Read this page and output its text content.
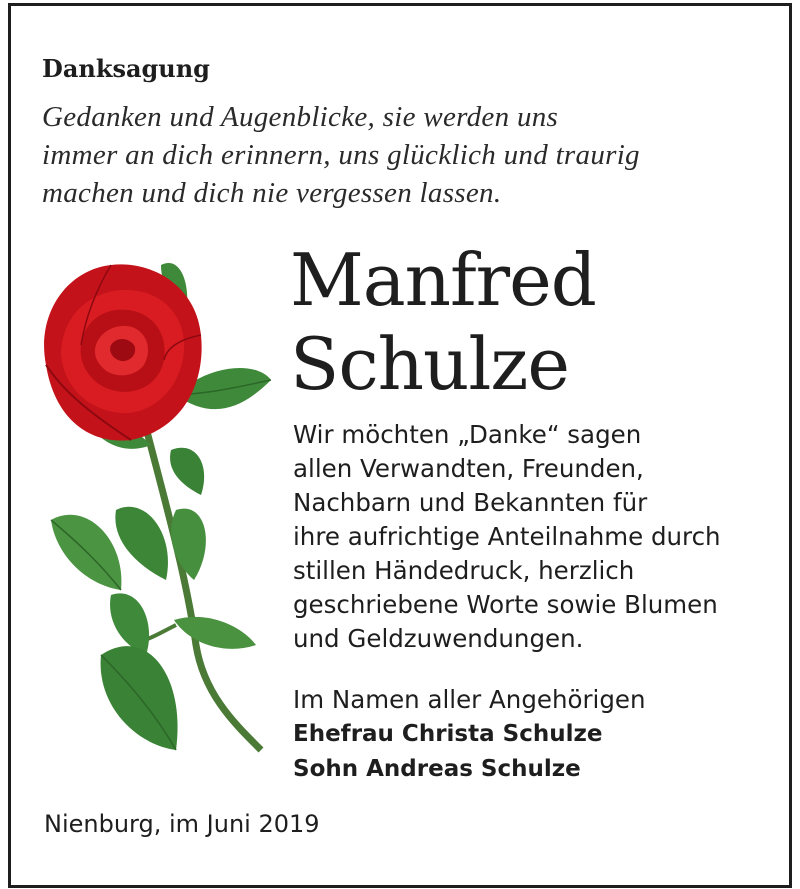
Danksagung
Gedanken und Augenblicke, sie werden uns
immer an dich erinnern, uns glücklich und traurig
machen und dich nie vergessen lassen.
Manfred
Schulze
Wir möchten „Danke“ sagen
allen Verwandten, Freunden,
Nachbarn und Bekannten für
ihre aufrichtige Anteilnahme durch
stillen Händedruck, herzlich
geschriebene Worte sowie Blumen
und Geldzuwendungen.
Im Namen aller Angehörigen
Ehefrau Christa Schulze
Sohn Andreas Schulze
Nienburg, im Juni 2019
